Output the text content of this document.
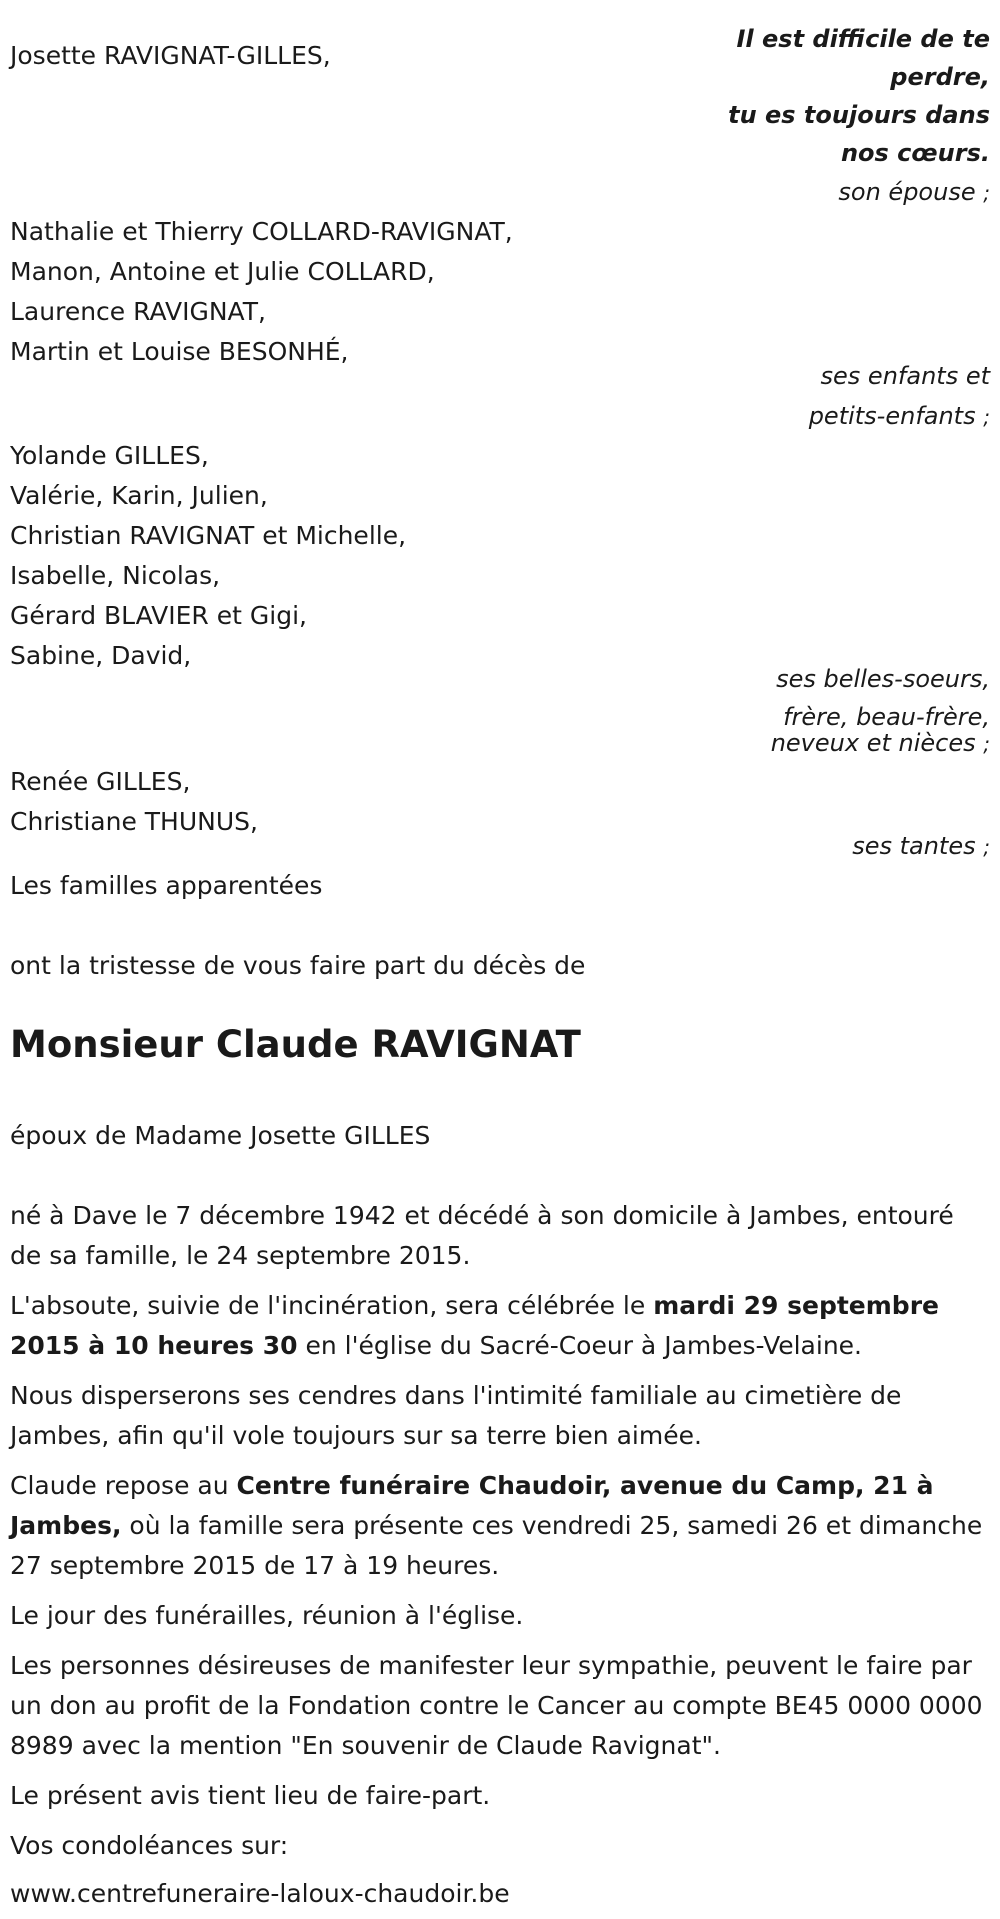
Il est difficile de te
perdre,
tu es toujours dans
nos cœurs.
Josette RAVIGNAT-GILLES,
son épouse ;
Nathalie et Thierry COLLARD-RAVIGNAT,
Manon, Antoine et Julie COLLARD,
Laurence RAVIGNAT,
Martin et Louise BESONHÉ,
ses enfants et
petits-enfants ;
Yolande GILLES,
Valérie, Karin, Julien,
Christian RAVIGNAT et Michelle,
Isabelle, Nicolas,
Gérard BLAVIER et Gigi,
Sabine, David,
ses belles-soeurs,
frère, beau-frère,
neveux et nièces ;
Renée GILLES,
Christiane THUNUS,
ses tantes ;
Les familles apparentées
ont la tristesse de vous faire part du décès de
Monsieur Claude RAVIGNAT
époux de Madame Josette GILLES
né à Dave le 7 décembre 1942 et décédé à son domicile à Jambes, entouré de sa famille, le 24 septembre 2015.
L'absoute, suivie de l'incinération, sera célébrée le mardi 29 septembre 2015 à 10 heures 30 en l'église du Sacré-Coeur à Jambes-Velaine.
Nous disperserons ses cendres dans l'intimité familiale au cimetière de Jambes, afin qu'il vole toujours sur sa terre bien aimée.
Claude repose au Centre funéraire Chaudoir, avenue du Camp, 21 à Jambes, où la famille sera présente ces vendredi 25, samedi 26 et dimanche 27 septembre 2015 de 17 à 19 heures.
Le jour des funérailles, réunion à l'église.
Les personnes désireuses de manifester leur sympathie, peuvent le faire par un don au profit de la Fondation contre le Cancer au compte BE45 0000 0000 8989 avec la mention "En souvenir de Claude Ravignat".
Le présent avis tient lieu de faire-part.
Vos condoléances sur:
www.centrefuneraire-laloux-chaudoir.be
